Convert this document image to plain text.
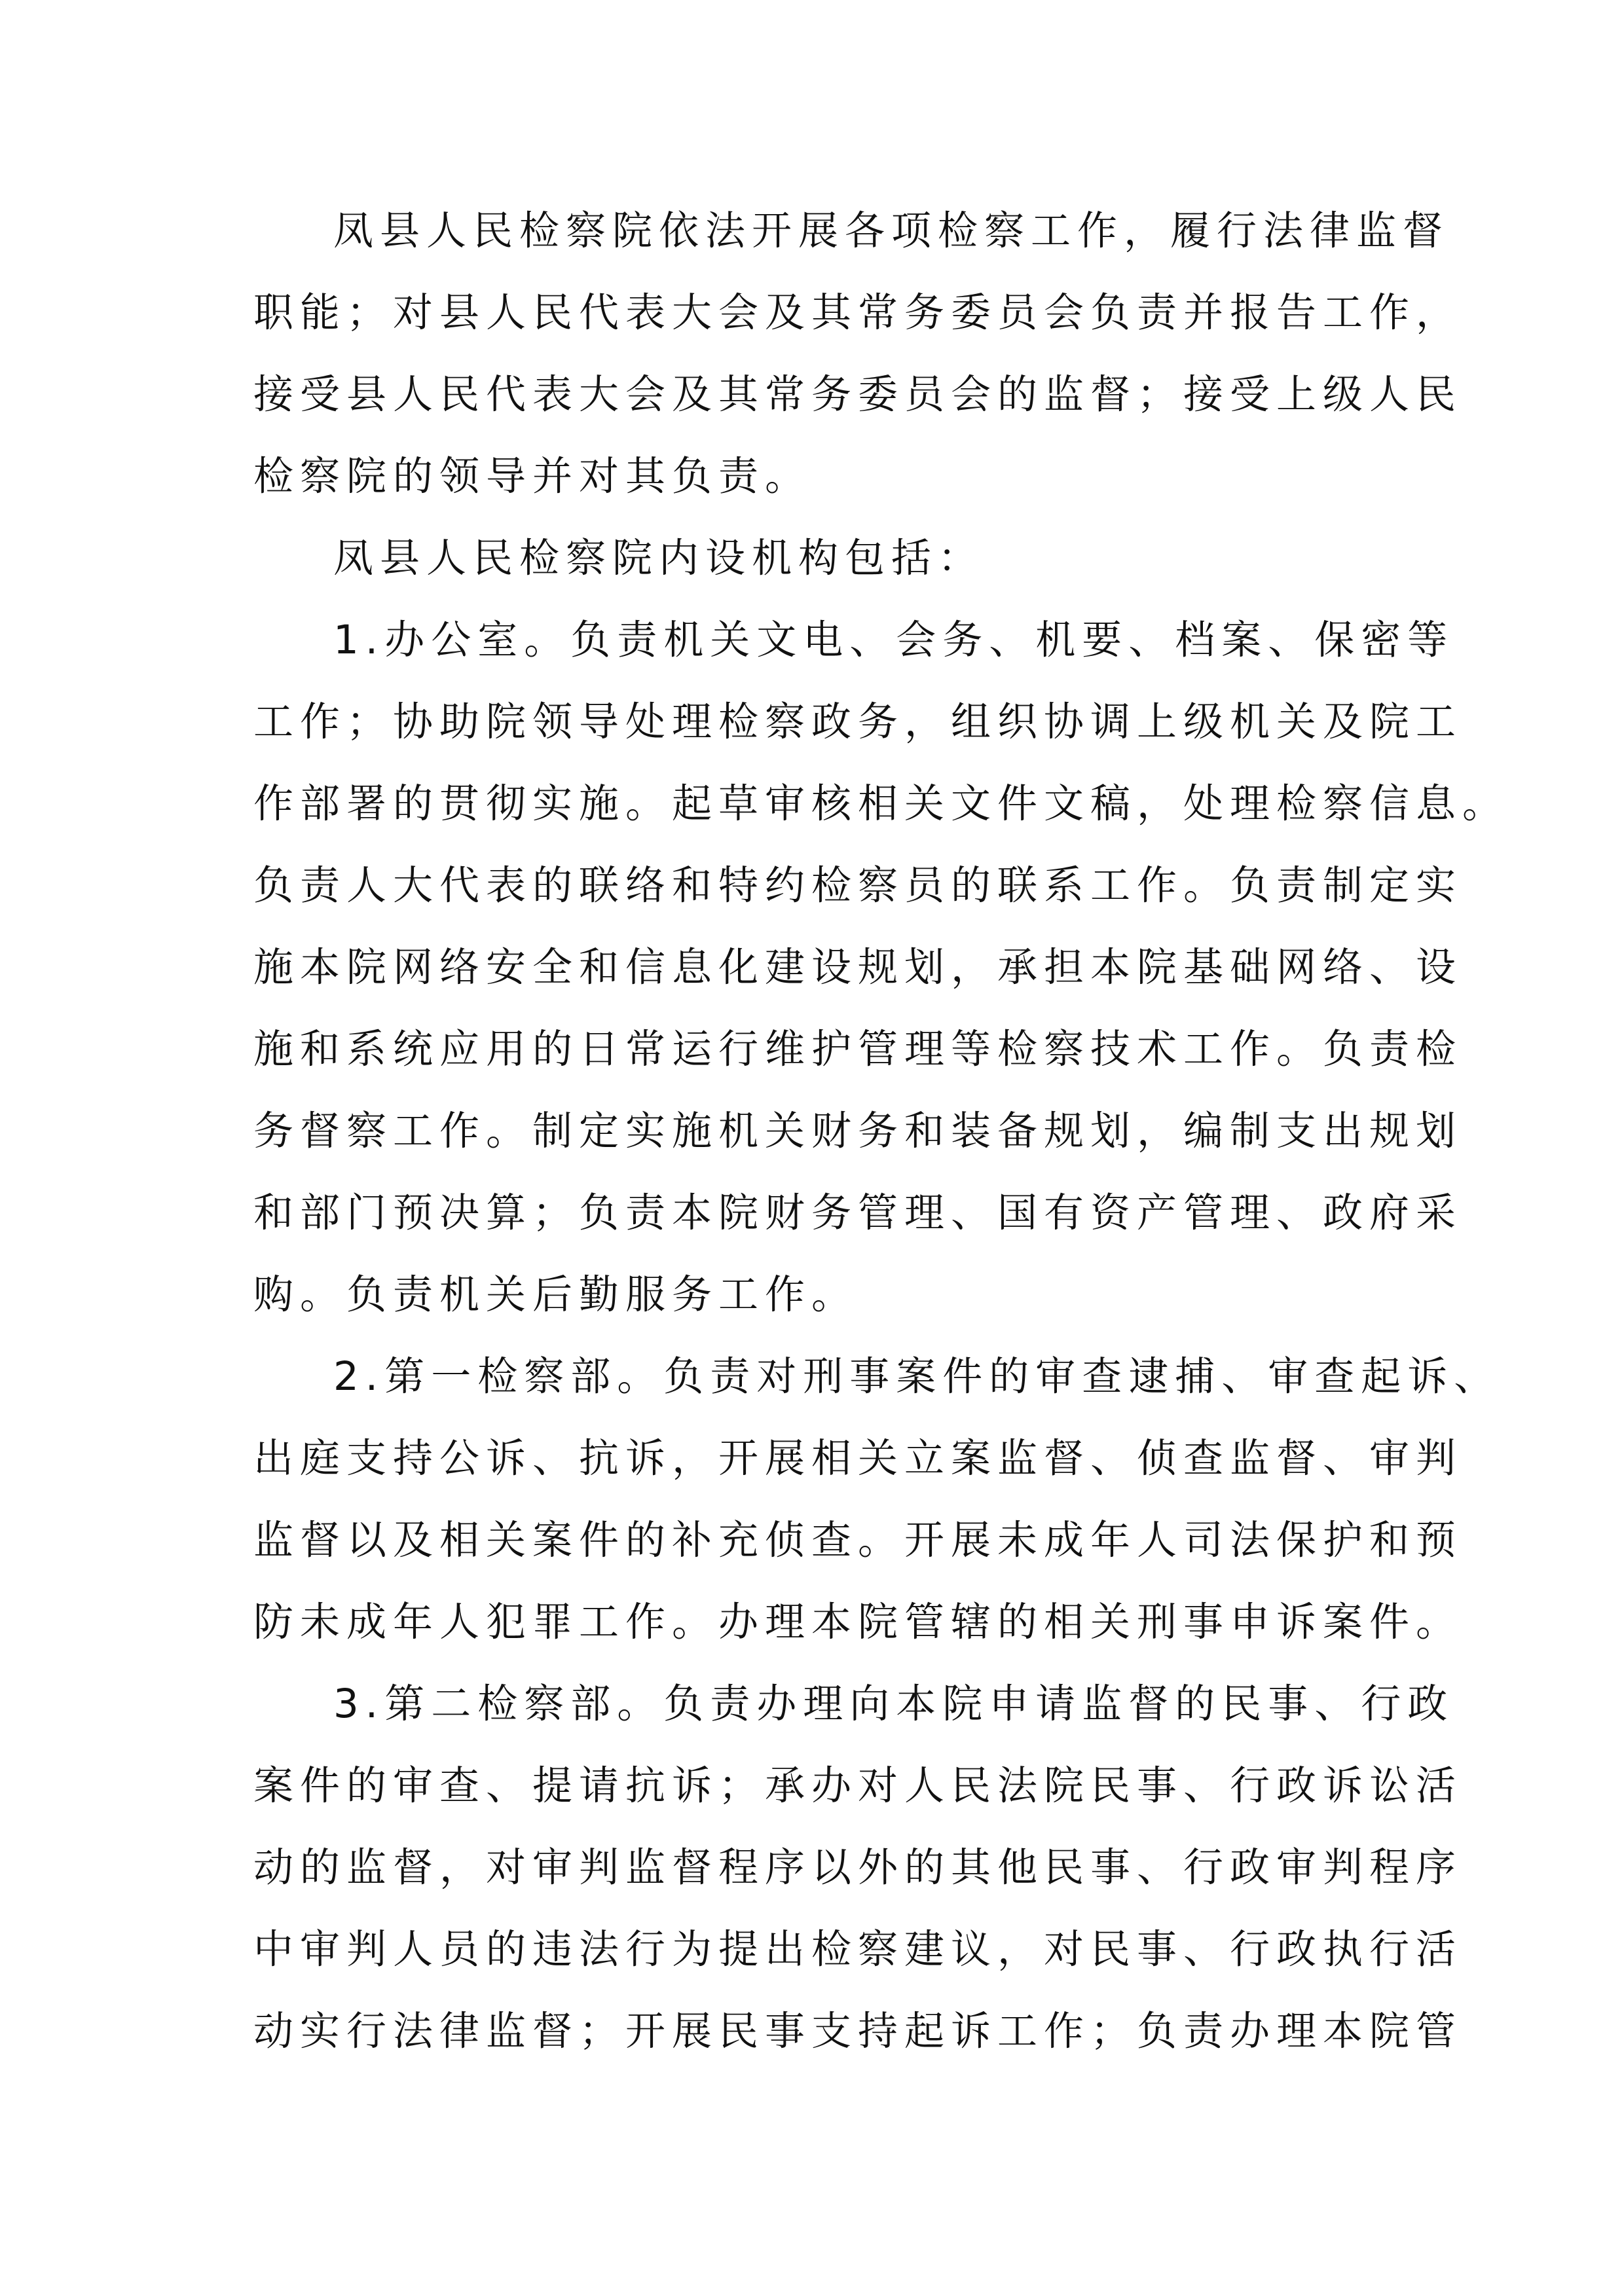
凤县人民检察院依法开展各项检察工作，履行法律监督
职能；对县人民代表大会及其常务委员会负责并报告工作，
接受县人民代表大会及其常务委员会的监督；接受上级人民
检察院的领导并对其负责。
凤县人民检察院内设机构包括：
1.办公室。负责机关文电、会务、机要、档案、保密等
工作；协助院领导处理检察政务，组织协调上级机关及院工
作部署的贯彻实施。起草审核相关文件文稿，处理检察信息。
负责人大代表的联络和特约检察员的联系工作。负责制定实
施本院网络安全和信息化建设规划，承担本院基础网络、设
施和系统应用的日常运行维护管理等检察技术工作。负责检
务督察工作。制定实施机关财务和装备规划，编制支出规划
和部门预决算；负责本院财务管理、国有资产管理、政府采
购。负责机关后勤服务工作。
2.第一检察部。负责对刑事案件的审查逮捕、审查起诉、
出庭支持公诉、抗诉，开展相关立案监督、侦查监督、审判
监督以及相关案件的补充侦查。开展未成年人司法保护和预
防未成年人犯罪工作。办理本院管辖的相关刑事申诉案件。
3.第二检察部。负责办理向本院申请监督的民事、行政
案件的审查、提请抗诉；承办对人民法院民事、行政诉讼活
动的监督，对审判监督程序以外的其他民事、行政审判程序
中审判人员的违法行为提出检察建议，对民事、行政执行活
动实行法律监督；开展民事支持起诉工作；负责办理本院管
